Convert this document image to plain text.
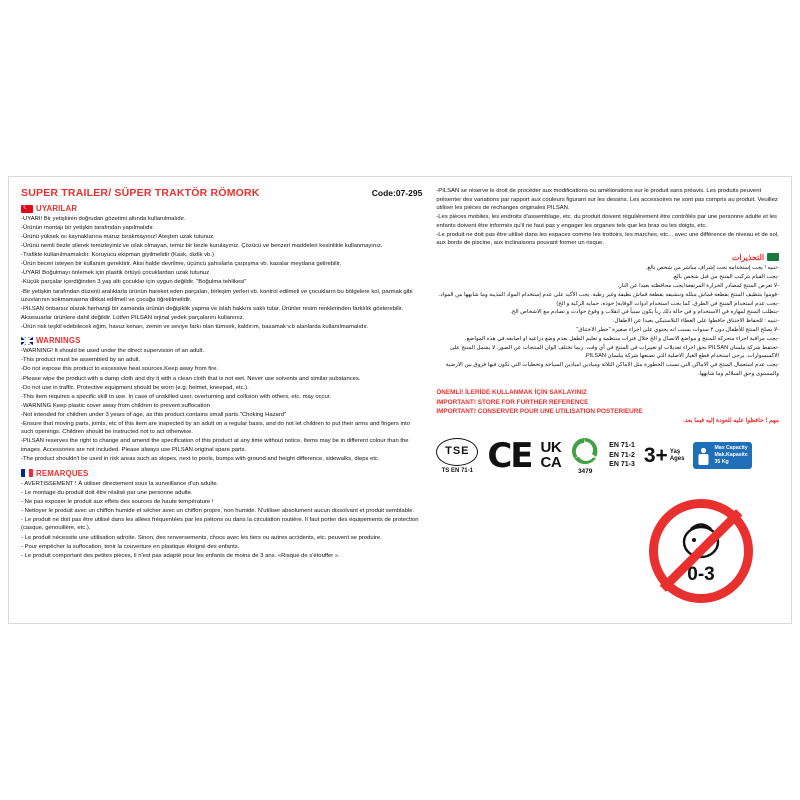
SUPER TRAILER/ SÜPER TRAKTÖR RÖMORK	Code:07-295
☾
UYARILAR

-UYARI! Bir yetişkinin doğrudan gözetimi altında kullanılmalıdır.

-Ürünün montajı bir yetişkin tarafından yapılmalıdır.

-Ürünü yüksek ısı kaynaklarına maruz bırakmayınız! Ateşten uzak tutunuz.

-Ürünü nemli bezle silerek temizleyiniz ve ıslak olmayan, temiz bir bezle kurulayınız. Çözücü ve benzeri maddeleri kesinlikle kullanmayınız.

-Trafikte kullanılmamalıdır. Koruyucu ekipman giyilmelidir (Kask, dizlik vb.)

-Ürün beceri isteyen bir kullanım gerektirir. Aksi halde devrilme, üçüncü şahıslarla çarpışma vb. kazalar meydana gelirebilir.

-UYARI Boğulmayı önlemek için plastik örtüyü çocuklardan uzak tutunuz

-Küçük parçalar içerdiğinden 3 yaş altı çocuklar için uygun değildir. "Boğulma tehlikesi"

-Bir yetişkin tarafından düzenli aralıklarla ürünün hareket eden parçaları, birleşim yerleri vb. kontrol edilmeli ve çocukların bu bölgelere kol, parmak gibi uzuvlarının sokmamasına dikkat edilmeli ve çocuğa öğretilmelidir.

-PILSAN önbarsız olarak herhangi bir zamanda ürünün değişiklik yapma ve islah hakkını saklı tutar. Ürünler resim renklerinden farklılık gösterebilir. Aksesuarlar ürünlere dahil değildir. Lütfen PILSAN orjinal yedek parçalarını kullanınız.

-Ürün risk teşkil edebilecek eğim, havuz kenarı, zemin ve seviye farkı olan tümsek, kaldırım, basamak v.b alanlarda kullanılmamalıdır.

WARNINGS

-WARNING! It should be used under the direct supervision of an adult.

-This product must be assembled by an adult.

-Do not expose this product to excessive heat sources.Keep away from fire.

-Please wipe the product with a damp cloth and dry it with a clean cloth that is not wet. Never use solvents and similar substances.

-Do not use in traffic. Protective equipment should be worn (e.g. helmet, kneepad, etc.).

-This item requires a specific skill to use. In case of unskilled user, overturning and collision with others, etc. may occur.

-WARNING Keep plastic cover away from children to prevent suffocation

-Not intended for children under 3 years of age, as this product contains small parts."Choking Hazard"

-Ensure that moving parts, joints, etc of this item are inspected by an adult on a regular basis, and do not let children to put their arms and fingers into such openings. Children should be instructed not to act otherwise.

-PILSAN reserves the right to change and amend the specification of this product at any time without notice. Items may be in different colour than the images. Accessories are not included. Please always use PILSAN original spare parts.

-The product shouldn't be used in risk areas such as slopes, next to pools, bumps with ground and height difference, sidewalks, dieps etc.

REMARQUES

- AVERTISSEMENT ! À utiliser directement sous la surveillance d'un adulte.

- Le montage du produit doit être réalisé par une personne adulte.

- Ne pas exposer le produit aux effets des sources de haute température !

- Nettoyer le produit avec un chiffon humide et sécher avec un chiffon propre, non humide. N'utiliser absolument aucun dissolvant et produit semblable.

- Le produit ne doit pas être utilisé dans les allées fréquentées par les piétons ou dans la circulation routière. Il faut porter des équipements de protection (casque, genouillère, etc.).

- Le produit nécessite une utilisation adroite. Sinon, des renversements, chocs avec les tiers ou autres accidents, etc. peuvent se produire.

- Pour empêcher la suffocation, tenir la couverture en plastique éloigné des enfants.

- Le produit comportant des petites pièces, il n'est pas adapté pour les enfants de moins de 3 ans. «Risque de s'étouffer ».

-PILSAN se réserve le droit de procéder aux modifications ou améliorations sur le produit sans préavis. Les produits peuvent présenter des variations par rapport aux couleurs figurant sur les dessins. Les accessoires ne sont pas compris au produit. Veuillez utiliser les pièces de rechanges originales PILSAN.

-Les pièces mobiles, les endroits d'assemblage, etc. du produit doivent régulièrement être contrôlés par une personne adulte et les enfants doivent être informés qu'il ne faut pas y engager les organes tels que les bras ou les doigts, etc.

-Le produit ne doit pas être utilisé dans les espaces comme les trottoirs, les marches, etc... avec une différence de niveau et de sol, aux bords de piscine, aux inclinaisons pouvant former un risque.

التحذيرات

-تنبيه ! يجب إستخدامه تحت إشراف مباشر من شخص بالغ.

-يجب القيام بتركيب المنتج من قبل شخص بالغ.

-لا تعرض المنتج لمصادر الحرارة المرتفعة!يجب محافظته بعيدا عن النار.

-قوموا بتنظيف المنتج بقطعة قماش مبللة وتنشيفه بقطعة قماش نظيفة وغير رطبة. يجب الأكيد على عدم إستخدام المواد المذيبة وما شابهها من المواد.

-يجب عدم استخدام المنتج في الطرق. كما يجب استخدام ادوات الوقاية( خوذة، حماية الركبة و الخ)

-يتطلب المنتج لمهارة في الاستخدام و في حالة ذلك رباً يكون سبباً في انقلاب و وقوع حوادث و تصادم مع الاشخاص الخ.

-تنبيه : للحفاظ الاختناق حافظوا على الغطاء البلاستيكي بعيدا عن الاطفال.

-لا يصلح المنتج للأطفال دون ٣ سنوات بسبب انه يحتوي على اجزاء صغيرة "خطر الاختناق"

-يجب مراقبة اجزاء متحركة للمنتج و مواضع الاتصال و الخ خلال فترات منتظمة و تعليم الطفل بعدم وضع ذراعيه او اصابعه في هذه المواضع.

-تحتفظ شركة بيلسان PILSAN بحق اجراء تعديلات او تغييرات في المنتج في أي وقت. ربما تختلف الوان المنتجات عن الصور. لا يشمل المنتج على الاكسسوارات. يرجى استخدام قطع الغيار الاصلية التي تصنعها شركة بيلسان PILSAN.

-يجب عدم استعمال المنتج في الاماكن التي تسبب الخطورة مثل الاماكن الثلاثة وميادين اميادين السياحة وتخطيات التي تكون فيها فروق بين الارضية والمستوى وحق السلالم وما شابهها.

ÖNEMLİ! İLERİDE KULLANMAK İÇİN SAKLAYINIZ
IMPORTANT! STORE FOR FURTHER REFERENCE
IMPORTANT! CONSERVER POUR UNE UTILISATION POSTERIEURE
مهم ! حافظوا عليه للعودة إليه فيما بعد.
TSE
TS EN 71-1 CE UK
CA
3479
EN 71-1
EN 71-2
EN 71-3 3+ Yaş
Ages
Max Capacity
Mak.Kapasite
35 Kg
0-3
